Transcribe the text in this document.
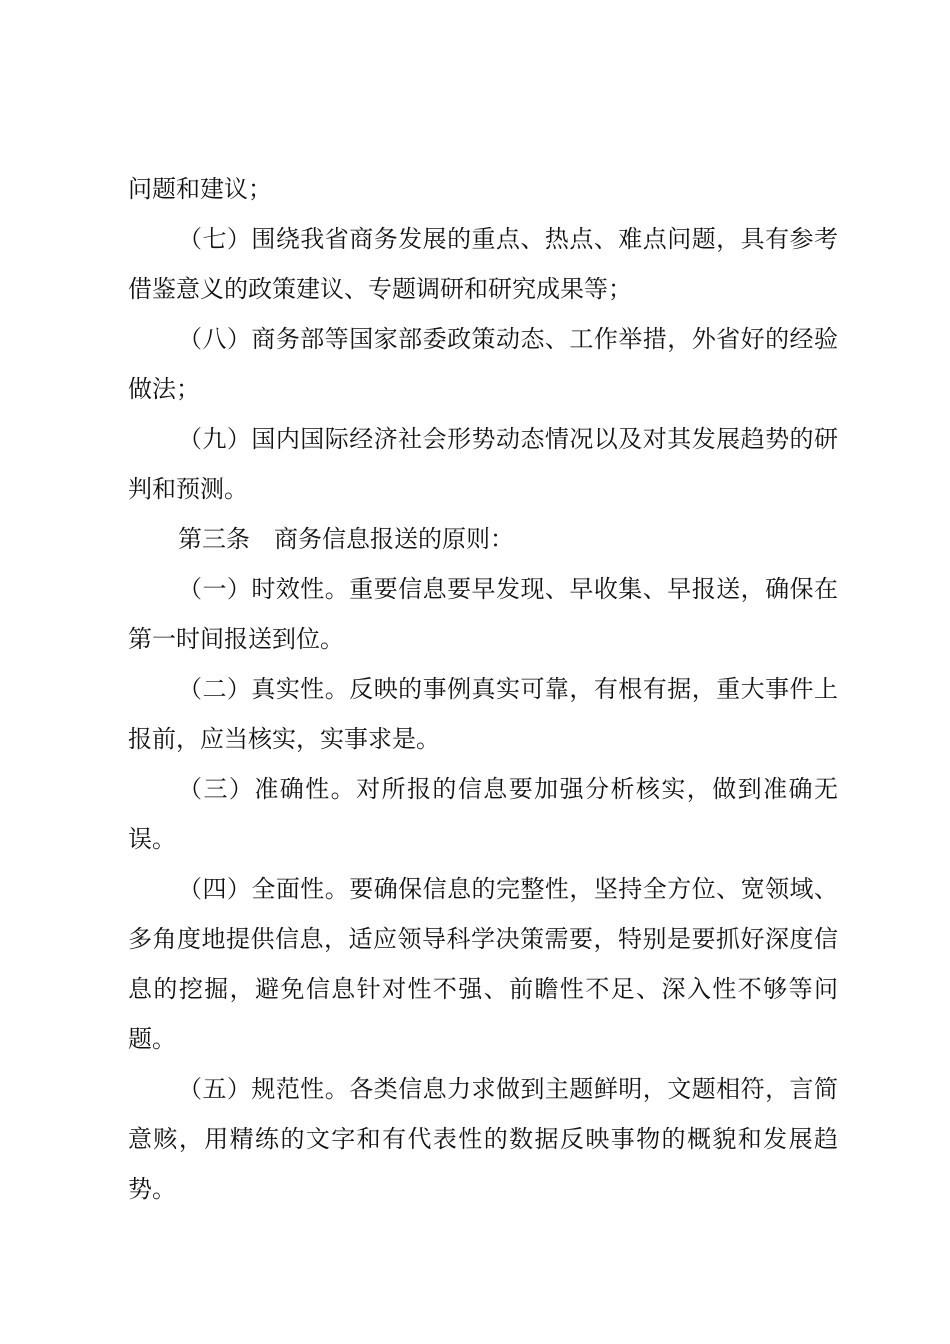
问题和建议；

（七）围绕我省商务发展的重点、热点、难点问题，具有参考借鉴意义的政策建议、专题调研和研究成果等；

（八）商务部等国家部委政策动态、工作举措，外省好的经验做法；

（九）国内国际经济社会形势动态情况以及对其发展趋势的研判和预测。

第三条　商务信息报送的原则：

（一）时效性。重要信息要早发现、早收集、早报送，确保在第一时间报送到位。

（二）真实性。反映的事例真实可靠，有根有据，重大事件上报前，应当核实，实事求是。

（三）准确性。对所报的信息要加强分析核实，做到准确无误。

（四）全面性。要确保信息的完整性，坚持全方位、宽领域、多角度地提供信息，适应领导科学决策需要，特别是要抓好深度信息的挖掘，避免信息针对性不强、前瞻性不足、深入性不够等问题。

（五）规范性。各类信息力求做到主题鲜明，文题相符，言简意赅，用精练的文字和有代表性的数据反映事物的概貌和发展趋势。
